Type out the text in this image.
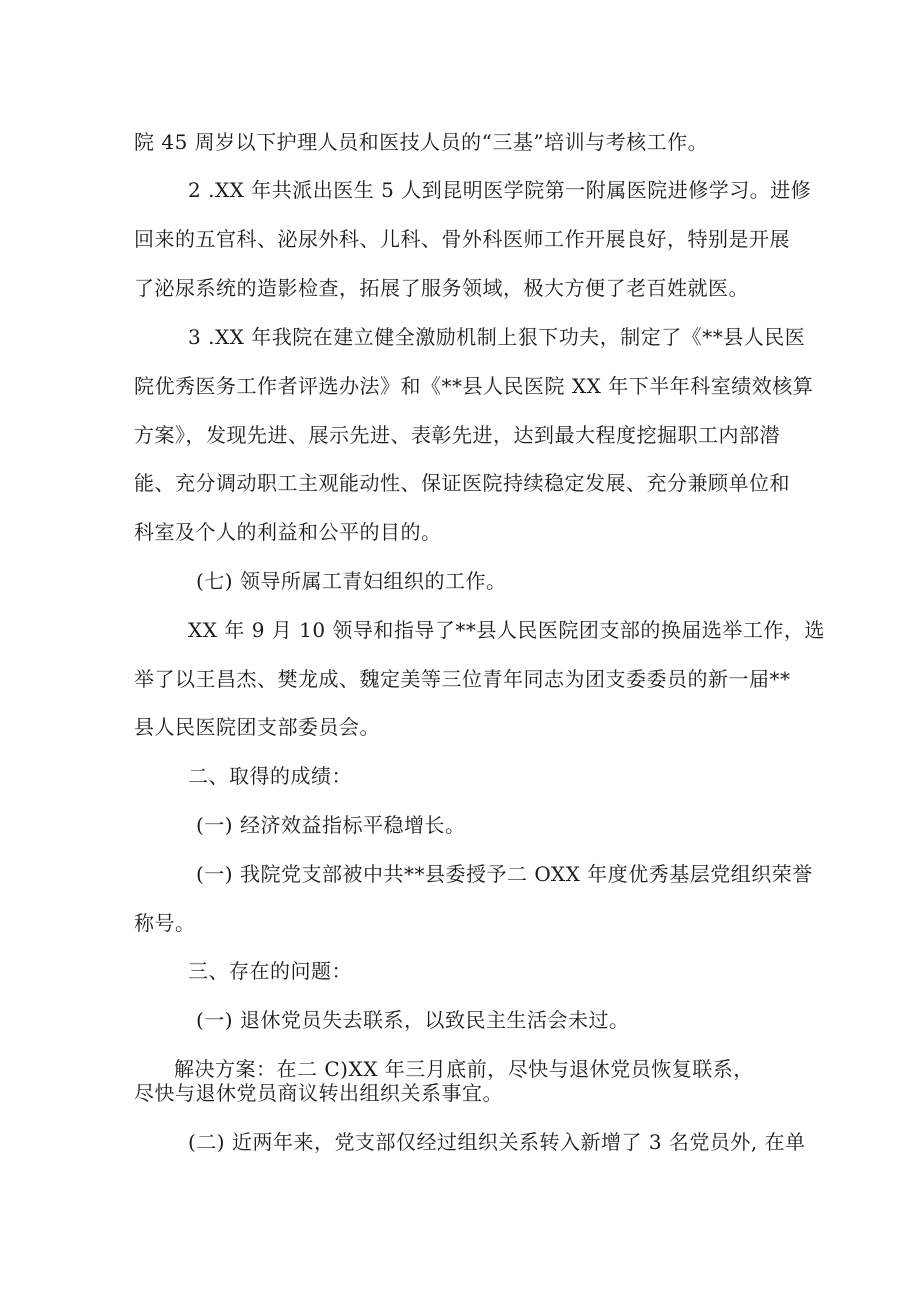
院 45 周岁以下护理人员和医技人员的“三基”培训与考核工作。
2 .XX 年共派出医生 5 人到昆明医学院第一附属医院进修学习。进修
回来的五官科、泌尿外科、儿科、骨外科医师工作开展良好，特别是开展
了泌尿系统的造影检查，拓展了服务领域，极大方便了老百姓就医。
3 .XX 年我院在建立健全激励机制上狠下功夫，制定了《**县人民医
院优秀医务工作者评选办法》和《**县人民医院 XX 年下半年科室绩效核算
方案》，发现先进、展示先进、表彰先进，达到最大程度挖掘职工内部潜
能、充分调动职工主观能动性、保证医院持续稳定发展、充分兼顾单位和
科室及个人的利益和公平的目的。
(七) 领导所属工青妇组织的工作。
XX 年 9 月 10 领导和指导了**县人民医院团支部的换届选举工作，选
举了以王昌杰、樊龙成、魏定美等三位青年同志为团支委委员的新一届**
县人民医院团支部委员会。
二、取得的成绩：
(一) 经济效益指标平稳增长。
(一) 我院党支部被中共**县委授予二 OXX 年度优秀基层党组织荣誉
称号。
三、存在的问题：
(一) 退休党员失去联系，以致民主生活会未过。
解决方案：在二 C)XX 年三月底前，尽快与退休党员恢复联系，
尽快与退休党员商议转出组织关系事宜。
(二) 近两年来，党支部仅经过组织关系转入新增了 3 名党员外, 在单
